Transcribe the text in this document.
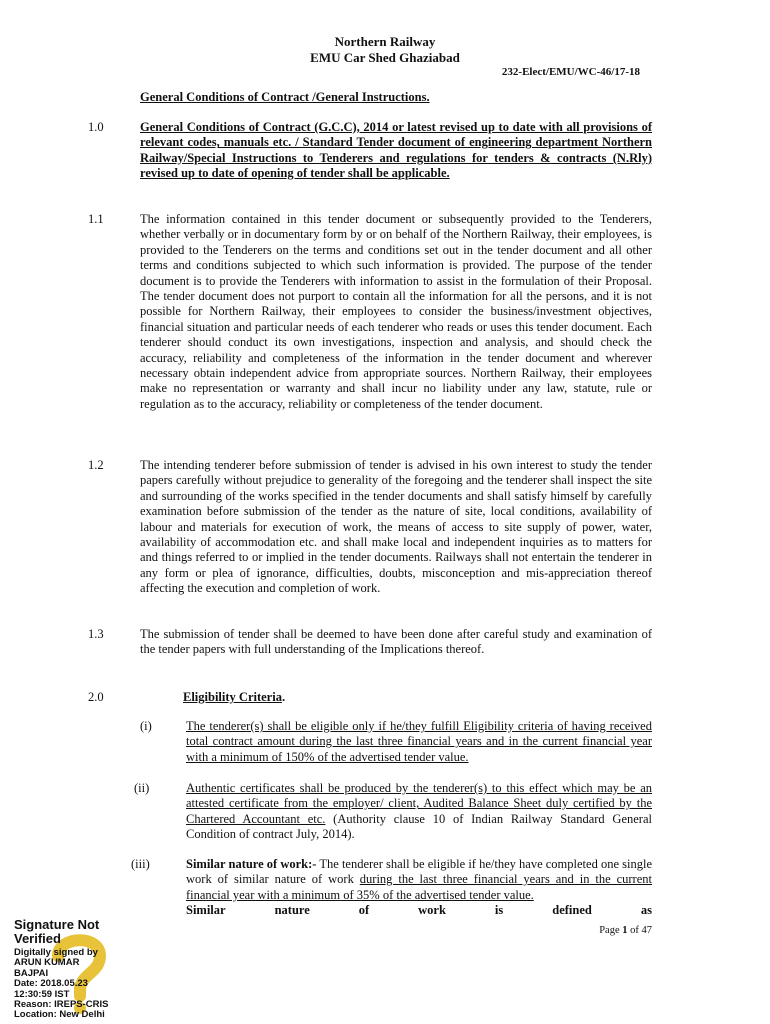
Northern Railway
EMU Car Shed Ghaziabad
232-Elect/EMU/WC-46/17-18
General Conditions of Contract /General Instructions.
1.0	General Conditions of Contract (G.C.C), 2014 or latest revised up to date with all provisions of relevant codes, manuals etc. / Standard Tender document of engineering department Northern Railway/Special Instructions to Tenderers and regulations for tenders & contracts (N.Rly) revised up to date of opening of tender shall be applicable.
1.1	The information contained in this tender document or subsequently provided to the Tenderers, whether verbally or in documentary form by or on behalf of the Northern Railway, their employees, is provided to the Tenderers on the terms and conditions set out in the tender document and all other terms and conditions subjected to which such information is provided. The purpose of the tender document is to provide the Tenderers with information to assist in the formulation of their Proposal. The tender document does not purport to contain all the information for all the persons, and it is not possible for Northern Railway, their employees to consider the business/investment objectives, financial situation and particular needs of each tenderer who reads or uses this tender document. Each tenderer should conduct its own investigations, inspection and analysis, and should check the accuracy, reliability and completeness of the information in the tender document and wherever necessary obtain independent advice from appropriate sources. Northern Railway, their employees make no representation or warranty and shall incur no liability under any law, statute, rule or regulation as to the accuracy, reliability or completeness of the tender document.
1.2	The intending tenderer before submission of tender is advised in his own interest to study the tender papers carefully without prejudice to generality of the foregoing and the tenderer shall inspect the site and surrounding of the works specified in the tender documents and shall satisfy himself by carefully examination before submission of the tender as the nature of site, local conditions, availability of labour and materials for execution of work, the means of access to site supply of power, water, availability of accommodation etc. and shall make local and independent inquiries as to matters for and things referred to or implied in the tender documents. Railways shall not entertain the tenderer in any form or plea of ignorance, difficulties, doubts, misconception and mis-appreciation thereof affecting the execution and completion of work.
1.3	The submission of tender shall be deemed to have been done after careful study and examination of the tender papers with full understanding of the Implications thereof.
2.0	Eligibility Criteria.
(i)	The tenderer(s) shall be eligible only if he/they fulfill Eligibility criteria of having received total contract amount during the last three financial years and in the current financial year with a minimum of 150% of the advertised tender value.
(ii)	Authentic certificates shall be produced by the tenderer(s) to this effect which may be an attested certificate from the employer/ client, Audited Balance Sheet duly certified by the Chartered Accountant etc. (Authority clause 10 of Indian Railway Standard General Condition of contract July, 2014).
(iii)	Similar nature of work:- The tenderer shall be eligible if he/they have completed one single work of similar nature of work during the last three financial years and in the current financial year with a minimum of 35% of the advertised tender value.
Similar	nature	of	work	is	defined	as
Page 1 of 47
Signature Not
Verified
Digitally signed by
ARUN KUMAR
BAJPAI
Date: 2018.05.23
12:30:59 IST
Reason: IREPS-CRIS
Location: New Delhi
